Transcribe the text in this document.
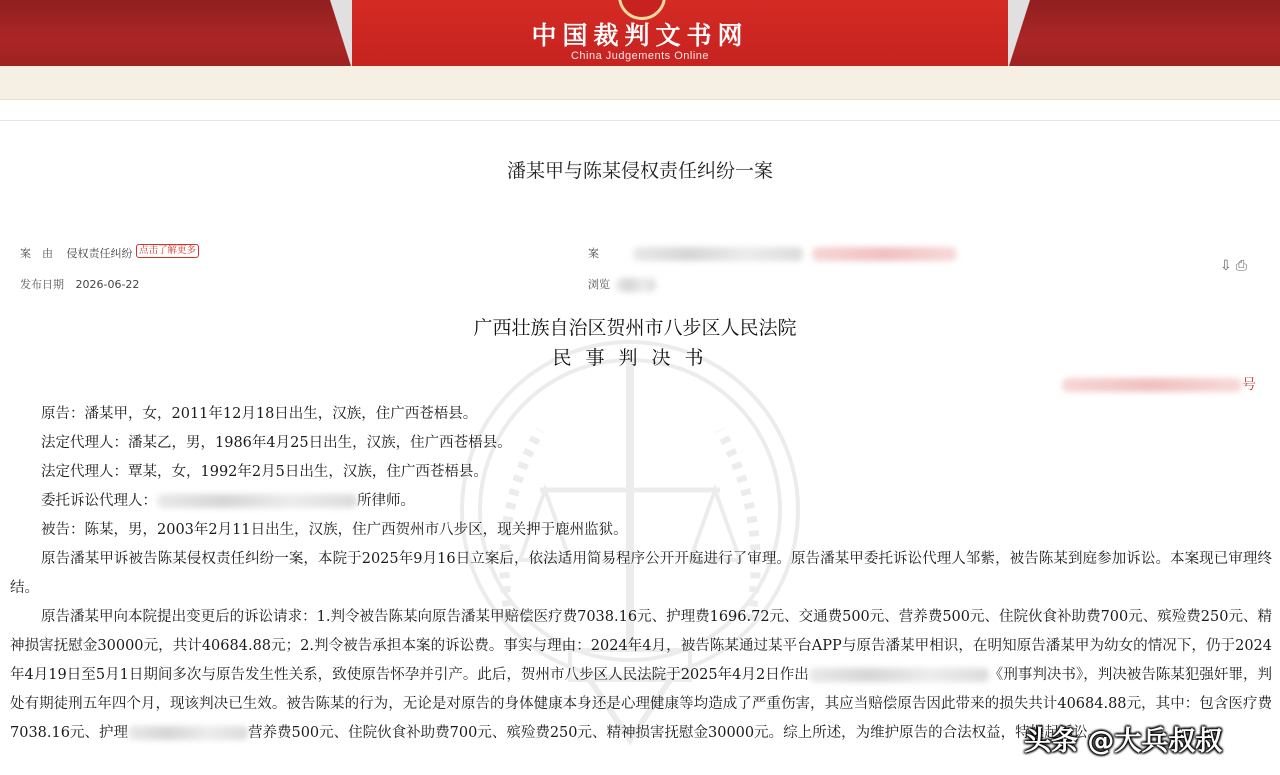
中国裁判文书网
China Judgements Online
潘某甲与陈某侵权责任纠纷一案
案　由 侵权责任纠纷 点击了解更多
发布日期 2026-06-22
案
浏览
⇩⎙
广西壮族自治区贺州市八步区人民法院
民事判决书
号
原告：潘某甲，女，2011年12月18日出生，汉族，住广西苍梧县。
法定代理人：潘某乙，男，1986年4月25日出生，汉族，住广西苍梧县。
法定代理人：覃某，女，1992年2月5日出生，汉族，住广西苍梧县。
委托诉讼代理人：	所律师。
被告：陈某，男，2003年2月11日出生，汉族，住广西贺州市八步区，现关押于鹿州监狱。
原告潘某甲诉被告陈某侵权责任纠纷一案，本院于2025年9月16日立案后，依法适用简易程序公开开庭进行了审理。原告潘某甲委托诉讼代理人邹紫，被告陈某到庭参加诉讼。本案现已审理终结。
原告潘某甲向本院提出变更后的诉讼请求：1.判令被告陈某向原告潘某甲赔偿医疗费7038.16元、护理费1696.72元、交通费500元、营养费500元、住院伙食补助费700元、殡殓费250元、精神损害抚慰金30000元，共计40684.88元；2.判令被告承担本案的诉讼费。事实与理由：2024年4月，被告陈某通过某平台APP与原告潘某甲相识，在明知原告潘某甲为幼女的情况下，仍于2024年4月19日至5月1日期间多次与原告发生性关系，致使原告怀孕并引产。此后，贺州市八步区人民法院于2025年4月2日作出	《刑事判决书》，判决被告陈某犯强奸罪，判处有期徒刑五年四个月，现该判决已生效。被告陈某的行为，无论是对原告的身体健康本身还是心理健康等均造成了严重伤害，其应当赔偿原告因此带来的损失共计40684.88元，其中：包含医疗费7038.16元、护理	营养费500元、住院伙食补助费700元、殡殓费250元、精神损害抚慰金30000元。综上所述，为维护原告的合法权益，特提起诉讼。
头条 @大兵叔叔
